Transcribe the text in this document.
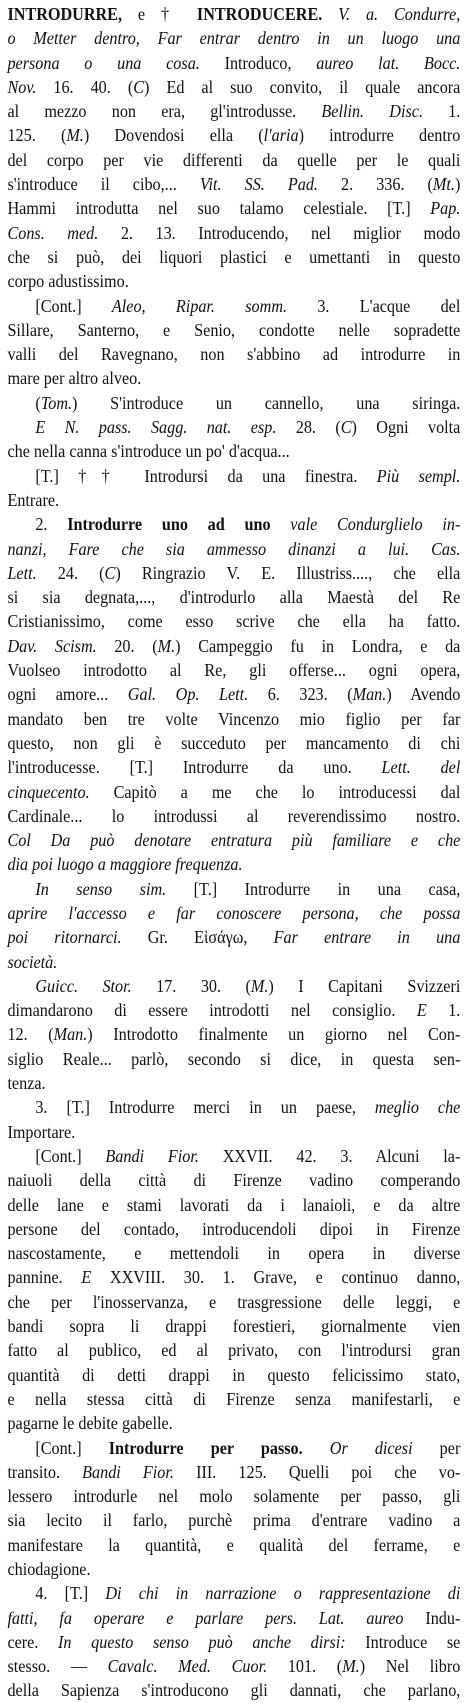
INTRODURRE, e † INTRODUCERE. V. a. Condurre,
o Metter dentro, Far entrar dentro in un luogo una
persona o una cosa. Introduco, aureo lat. Bocc.
Nov. 16. 40. (C) Ed al suo convito, il quale ancora
al mezzo non era, gl'introdusse. Bellin. Disc. 1.
125. (M.) Dovendosi ella (l'aria) introdurre dentro
del corpo per vie differenti da quelle per le quali
s'introduce il cibo,... Vit. SS. Pad. 2. 336. (Mt.)
Hammi introdutta nel suo talamo celestiale. [T.] Pap.
Cons. med. 2. 13. Introducendo, nel miglior modo
che si può, dei liquori plastici e umettanti in questo
corpo adustissimo.
[Cont.] Aleo, Ripar. somm. 3. L'acque del
Sillare, Santerno, e Senio, condotte nelle sopradette
valli del Ravegnano, non s'abbino ad introdurre in
mare per altro alveo.
(Tom.) S'introduce un cannello, una siringa.
E N. pass. Sagg. nat. esp. 28. (C) Ogni volta
che nella canna s'introduce un po' d'acqua...
[T.] †† Introdursi da una finestra. Più sempl.
Entrare.
2. Introdurre uno ad uno vale Condurglielo in-
nanzi, Fare che sia ammesso dinanzi a lui. Cas.
Lett. 24. (C) Ringrazio V. E. Illustriss...., che ella
si sia degnata,..., d'introdurlo alla Maestà del Re
Cristianissimo, come esso scrive che ella ha fatto.
Dav. Scism. 20. (M.) Campeggio fu in Londra, e da
Vuolseo introdotto al Re, gli offerse... ogni opera,
ogni amore... Gal. Op. Lett. 6. 323. (Man.) Avendo
mandato ben tre volte Vincenzo mio figlio per far
questo, non gli è succeduto per mancamento di chi
l'introducesse. [T.] Introdurre da uno. Lett. del
cinquecento. Capitò a me che lo introducessi dal
Cardinale... lo introdussi al reverendissimo nostro.
Col Da può denotare entratura più familiare e che
dia poi luogo a maggiore frequenza.
In senso sim. [T.] Introdurre in una casa,
aprire l'accesso e far conoscere persona, che possa
poi ritornarci. Gr. Εἰσάγω, Far entrare in una
società.
Guicc. Stor. 17. 30. (M.) I Capitani Svizzeri
dimandarono di essere introdotti nel consiglio. E 1.
12. (Man.) Introdotto finalmente un giorno nel Con-
siglio Reale... parlò, secondo si dice, in questa sen-
tenza.
3. [T.] Introdurre merci in un paese, meglio che
Importare.
[Cont.] Bandi Fior. XXVII. 42. 3. Alcuni la-
naiuoli della città di Firenze vadino comperando
delle lane e stami lavorati da i lanaioli, e da altre
persone del contado, introducendoli dipoi in Firenze
nascostamente, e mettendoli in opera in diverse
pannine. E XXVIII. 30. 1. Grave, e continuo danno,
che per l'inosservanza, e trasgressione delle leggi, e
bandi sopra li drappi forestieri, giornalmente vien
fatto al publico, ed al privato, con l'introdursi gran
quantità di detti drappi in questo felicissimo stato,
e nella stessa città di Firenze senza manifestarli, e
pagarne le debite gabelle.
[Cont.] Introdurre per passo. Or dicesi per
transito. Bandi Fior. III. 125. Quelli poi che vo-
lessero introdurle nel molo solamente per passo, gli
sia lecito il farlo, purchè prima d'entrare vadino a
manifestare la quantità, e qualità del ferrame, e
chiodagione.
4. [T.] Di chi in narrazione o rappresentazione di
fatti, fa operare e parlare pers. Lat. aureo Indu-
cere. In questo senso può anche dirsi: Introduce se
stesso. — Cavalc. Med. Cuor. 101. (M.) Nel libro
della Sapienza s'introducono gli dannati, che parlano,
